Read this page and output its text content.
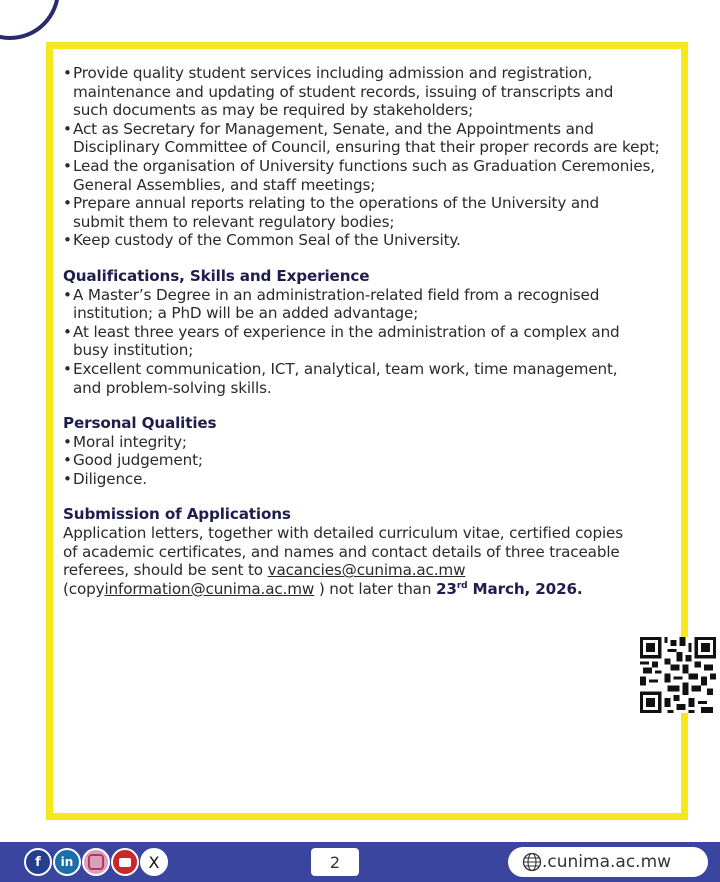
•Provide quality student services including admission and registration,
maintenance and updating of student records, issuing of transcripts and
such documents as may be required by stakeholders;
•Act as Secretary for Management, Senate, and the Appointments and
Disciplinary Committee of Council, ensuring that their proper records are kept;
•Lead the organisation of University functions such as Graduation Ceremonies,
General Assemblies, and staff meetings;
•Prepare annual reports relating to the operations of the University and
submit them to relevant regulatory bodies;
•Keep custody of the Common Seal of the University.
Qualifications, Skills and Experience
•A Master’s Degree in an administration-related field from a recognised
institution; a PhD will be an added advantage;
•At least three years of experience in the administration of a complex and
busy institution;
•Excellent communication, ICT, analytical, team work, time management,
and problem-solving skills.
Personal Qualities
•Moral integrity;
•Good judgement;
•Diligence.
Submission of Applications
Application letters, together with detailed curriculum vitae, certified copies
of academic certificates, and names and contact details of three traceable
referees, should be sent to vacancies@cunima.ac.mw
(copyinformation@cunima.ac.mw ) not later than 23rd March, 2026.
f in	X	2	.cunima.ac.mw
